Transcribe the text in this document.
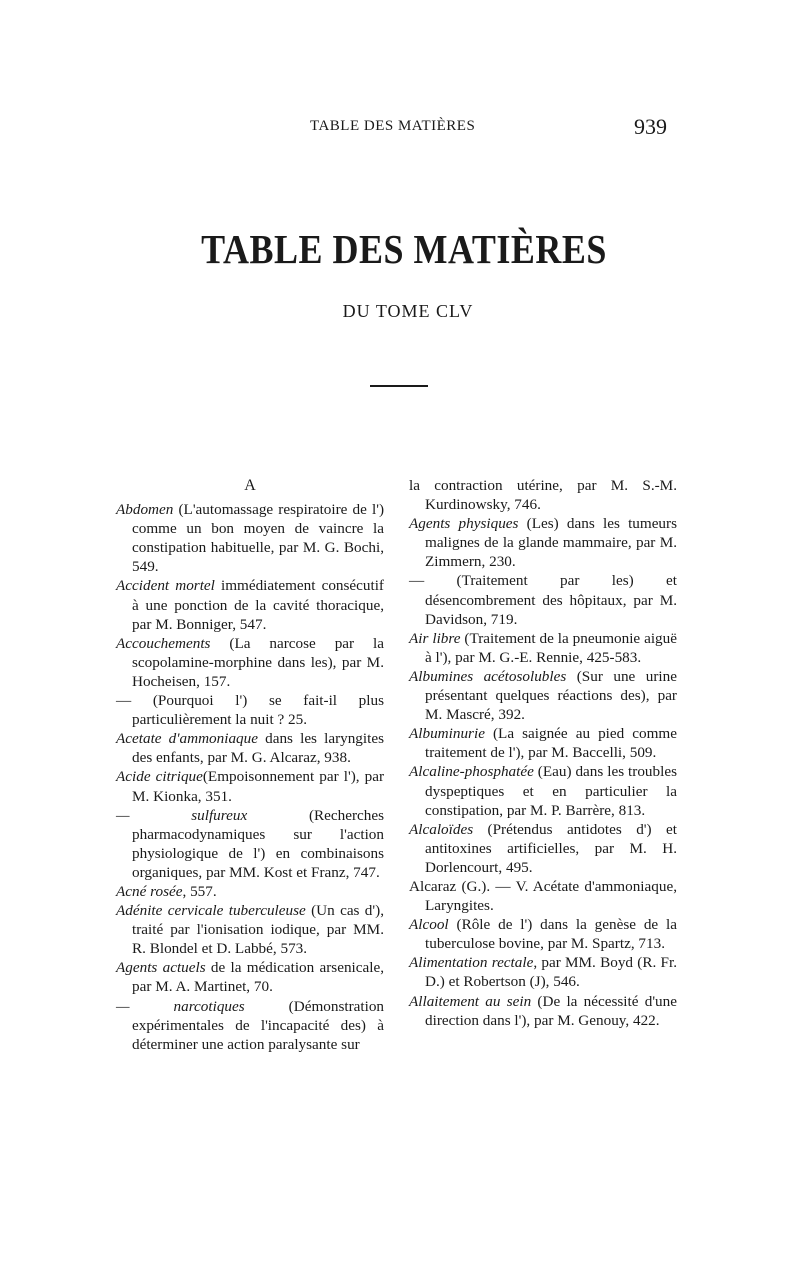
TABLE DES MATIÈRES	939
TABLE DES MATIÈRES
DU TOME CLV
A
Abdomen (L'automassage respiratoire de l') comme un bon moyen de vaincre la constipation habituelle, par M. G. Bochi, 549.
Accident mortel immédiatement consécutif à une ponction de la cavité thoracique, par M. Bonniger, 547.
Accouchements (La narcose par la scopolamine-morphine dans les), par M. Hocheisen, 157.
— (Pourquoi l') se fait-il plus particulièrement la nuit ? 25.
Acetate d'ammoniaque dans les laryngites des enfants, par M. G. Alcaraz, 938.
Acide citrique(Empoisonnement par l'), par M. Kionka, 351.
— sulfureux (Recherches pharmacodynamiques sur l'action physiologique de l') en combinaisons organiques, par MM. Kost et Franz, 747.
Acné rosée, 557.
Adénite cervicale tuberculeuse (Un cas d'), traité par l'ionisation iodique, par MM. R. Blondel et D. Labbé, 573.
Agents actuels de la médication arsenicale, par M. A. Martinet, 70.
— narcotiques (Démonstration expérimentales de l'incapacité des) à déterminer une action paralysante sur
la contraction utérine, par M. S.-M. Kurdinowsky, 746.
Agents physiques (Les) dans les tumeurs malignes de la glande mammaire, par M. Zimmern, 230.
— (Traitement par les) et désencombrement des hôpitaux, par M. Davidson, 719.
Air libre (Traitement de la pneumonie aiguë à l'), par M. G.-E. Rennie, 425-583.
Albumines acétosolubles (Sur une urine présentant quelques réactions des), par M. Mascré, 392.
Albuminurie (La saignée au pied comme traitement de l'), par M. Baccelli, 509.
Alcaline-phosphatée (Eau) dans les troubles dyspeptiques et en particulier la constipation, par M. P. Barrère, 813.
Alcaloïdes (Prétendus antidotes d') et antitoxines artificielles, par M. H. Dorlencourt, 495.
Alcaraz (G.). — V. Acétate d'ammoniaque, Laryngites.
Alcool (Rôle de l') dans la genèse de la tuberculose bovine, par M. Spartz, 713.
Alimentation rectale, par MM. Boyd (R. Fr. D.) et Robertson (J), 546.
Allaitement au sein (De la nécessité d'une direction dans l'), par M. Genouy, 422.
